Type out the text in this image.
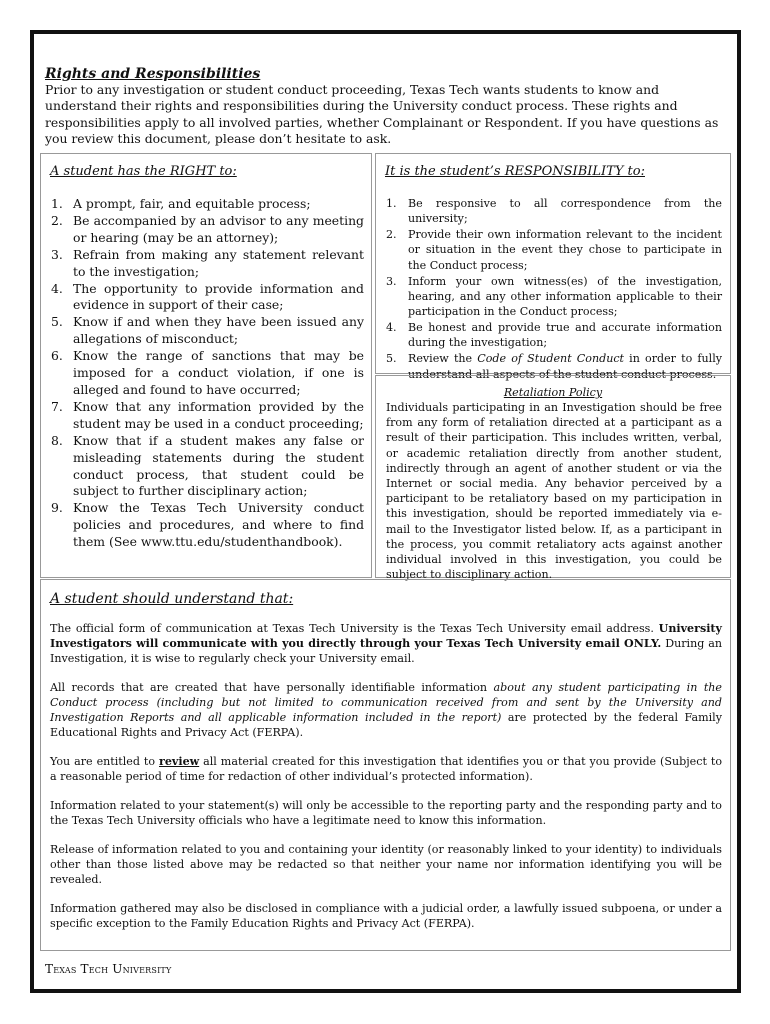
Rights and Responsibilities

Prior to any investigation or student conduct proceeding, Texas Tech wants students to know and understand their rights and responsibilities during the University conduct process. These rights and responsibilities apply to all involved parties, whether Complainant or Respondent. If you have questions as you review this document, please don’t hesitate to ask.

A student has the RIGHT to:
1. A prompt, fair, and equitable process;
2. Be accompanied by an advisor to any meeting or hearing (may be an attorney);
3. Refrain from making any statement relevant to the investigation;
4. The opportunity to provide information and evidence in support of their case;
5. Know if and when they have been issued any allegations of misconduct;
6. Know the range of sanctions that may be imposed for a conduct violation, if one is alleged and found to have occurred;
7. Know that any information provided by the student may be used in a conduct proceeding;
8. Know that if a student makes any false or misleading statements during the student conduct process, that student could be subject to further disciplinary action;
9. Know the Texas Tech University conduct policies and procedures, and where to find them (See www.ttu.edu/studenthandbook).
It is the student’s RESPONSIBILITY to:
1.	Be responsive to all correspondence from the university;
2.	Provide their own information relevant to the incident or situation in the event they chose to participate in the Conduct process;
3.	Inform your own witness(es) of the investigation, hearing, and any other information applicable to their participation in the Conduct process;
4.	Be honest and provide true and accurate information during the investigation;
5.	Review the Code of Student Conduct in order to fully understand all aspects of the student conduct process.
Retaliation Policy

Individuals participating in an Investigation should be free from any form of retaliation directed at a participant as a result of their participation. This includes written, verbal, or academic retaliation directly from another student, indirectly through an agent of another student or via the Internet or social media. Any behavior perceived by a participant to be retaliatory based on my participation in this investigation, should be reported immediately via e-mail to the Investigator listed below. If, as a participant in the process, you commit retaliatory acts against another individual involved in this investigation, you could be subject to disciplinary action.

A student should understand that:

The official form of communication at Texas Tech University is the Texas Tech University email address. University Investigators will communicate with you directly through your Texas Tech University email ONLY. During an Investigation, it is wise to regularly check your University email.

All records that are created that have personally identifiable information about any student participating in the Conduct process (including but not limited to communication received from and sent by the University and Investigation Reports and all applicable information included in the report) are protected by the federal Family Educational Rights and Privacy Act (FERPA).

You are entitled to review all material created for this investigation that identifies you or that you provide (Subject to a reasonable period of time for redaction of other individual’s protected information).

Information related to your statement(s) will only be accessible to the reporting party and the responding party and to the Texas Tech University officials who have a legitimate need to know this information.

Release of information related to you and containing your identity (or reasonably linked to your identity) to individuals other than those listed above may be redacted so that neither your name nor information identifying you will be revealed.

Information gathered may also be disclosed in compliance with a judicial order, a lawfully issued subpoena, or under a specific exception to the Family Education Rights and Privacy Act (FERPA).

Texas Tech University
